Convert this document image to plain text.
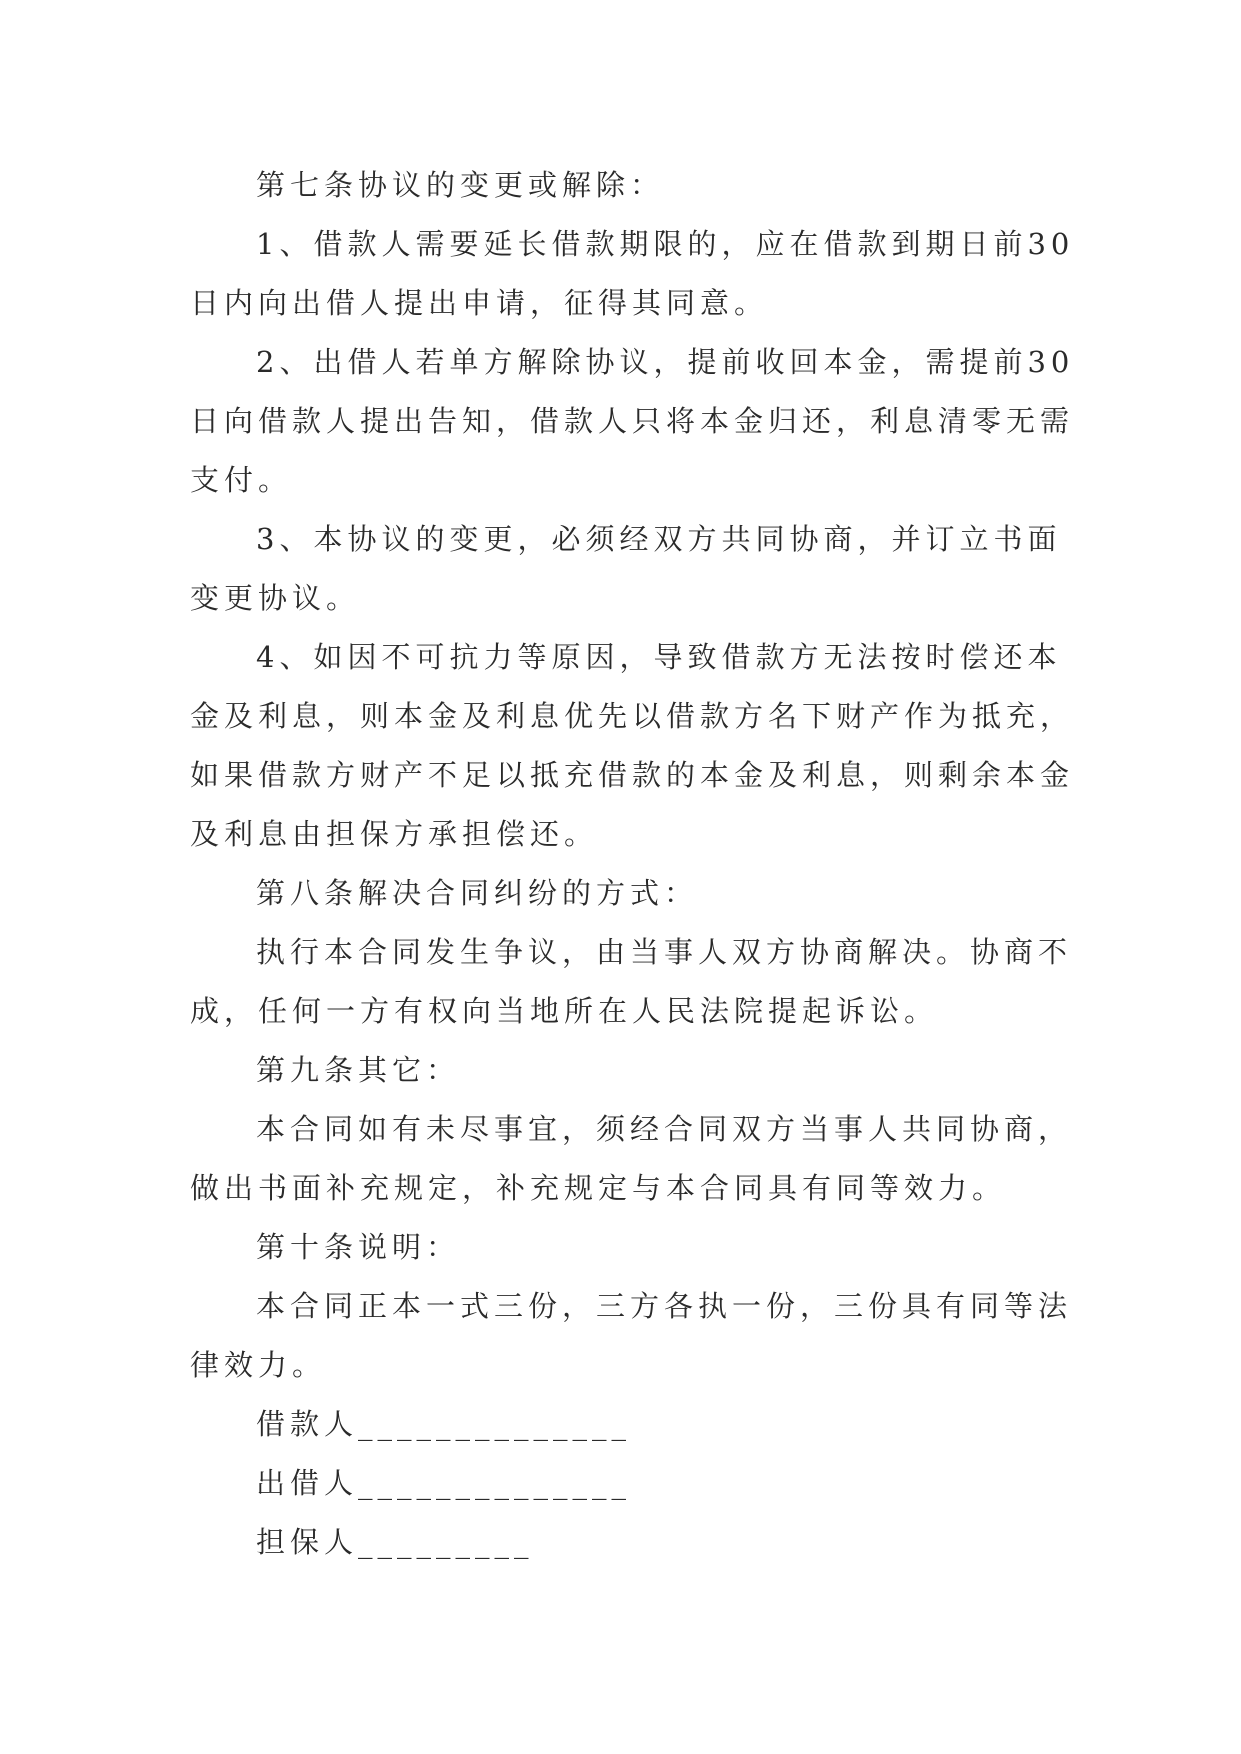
第七条协议的变更或解除：
1、借款人需要延长借款期限的，应在借款到期日前30
日内向出借人提出申请，征得其同意。
2、出借人若单方解除协议，提前收回本金，需提前30
日向借款人提出告知，借款人只将本金归还，利息清零无需
支付。
3、本协议的变更，必须经双方共同协商，并订立书面
变更协议。
4、如因不可抗力等原因，导致借款方无法按时偿还本
金及利息，则本金及利息优先以借款方名下财产作为抵充，
如果借款方财产不足以抵充借款的本金及利息，则剩余本金
及利息由担保方承担偿还。
第八条解决合同纠纷的方式：
执行本合同发生争议，由当事人双方协商解决。协商不
成，任何一方有权向当地所在人民法院提起诉讼。
第九条其它：
本合同如有未尽事宜，须经合同双方当事人共同协商，
做出书面补充规定，补充规定与本合同具有同等效力。
第十条说明：
本合同正本一式三份，三方各执一份，三份具有同等法
律效力。
借款人______________
出借人______________
担保人_________
